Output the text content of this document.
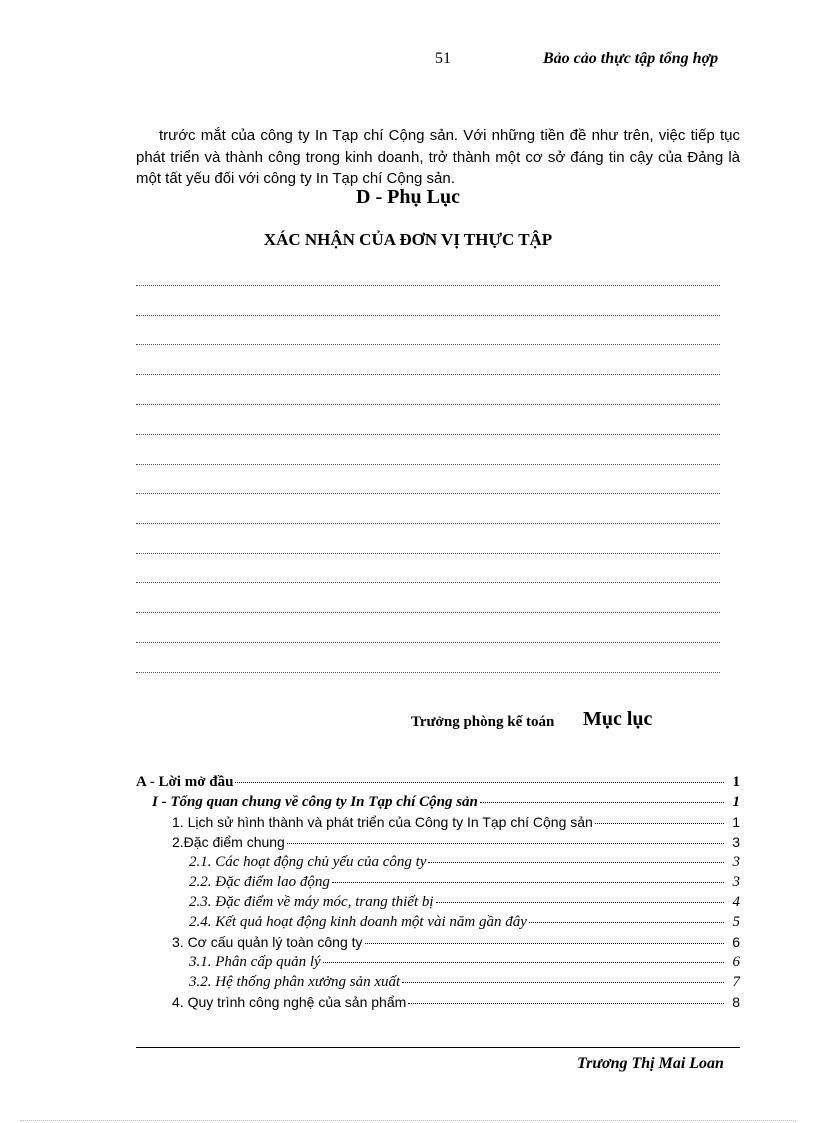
51	Bảo cảo thực tập tổng hợp

trước mắt của công ty In Tạp chí Cộng sản. Với những tiền đề như trên, việc tiếp tục phát triển và thành công trong kinh doanh, trở thành một cơ sở đáng tin cậy của Đảng là một tất yếu đối với công ty In Tạp chí Cộng sản.

D - Phụ Lục
XÁC NHẬN CỦA ĐƠN VỊ THỰC TẬP
Trưởng phòng kế toán Mục lục
A - Lời mở đầu	1
I - Tổng quan chung về công ty In Tạp chí Cộng sản	1
1. Lịch sử hình thành và phát triển của Công ty In Tạp chí Cộng sản	1
2.Đặc điểm chung	3
2.1. Các hoạt động chủ yếu của công ty	3
2.2. Đặc điểm lao động	3
2.3. Đặc điểm về máy móc, trang thiết bị	4
2.4. Kết quả hoạt động kinh doanh một vài năm gần đây	5
3. Cơ cấu quản lý toàn công ty	6
3.1. Phân cấp quản lý	6
3.2. Hệ thống phân xưởng sản xuất	7
4. Quy trình công nghệ của sản phẩm	8
Trương Thị Mai Loan
